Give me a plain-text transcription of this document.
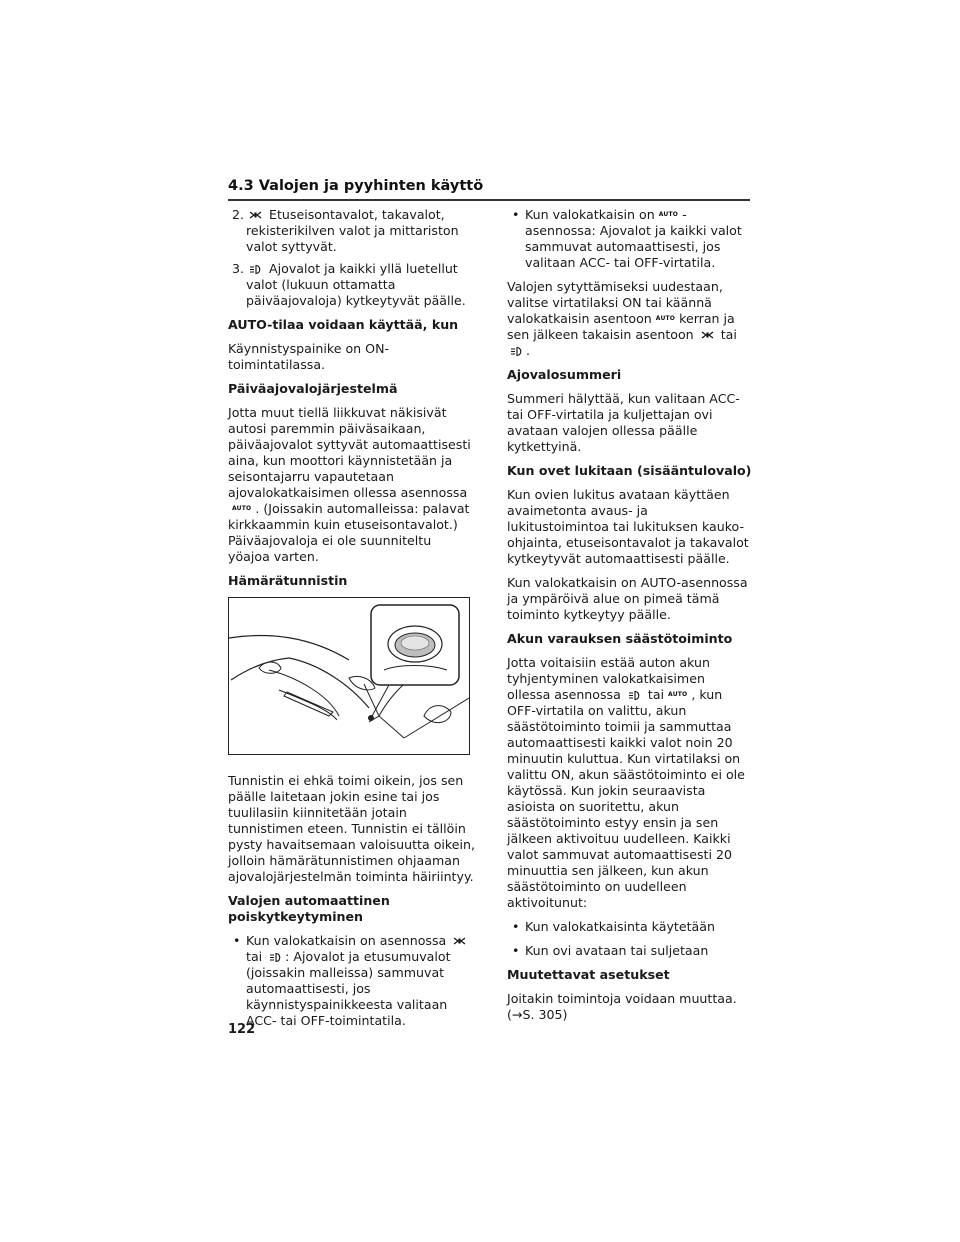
4.3 Valojen ja pyyhinten käyttö
2. Etuseisontavalot, takavalot, rekisterikilven valot ja mittariston valot syttyvät.
3. Ajovalot ja kaikki yllä luetellut valot (lukuun ottamatta päiväajovaloja) kytkeytyvät päälle.

AUTO-tilaa voidaan käyttää, kun

Käynnistyspainike on ON-toimintatilassa.

Päiväajovalojärjestelmä

Jotta muut tiellä liikkuvat näkisivät autosi paremmin päiväsaikaan, päiväajovalot syttyvät automaattisesti aina, kun moottori käynnistetään ja seisontajarru vapautetaan ajovalokatkaisimen ollessa asennossaAUTO . (Joissakin automalleissa: palavat kirkkaammin kuin etuseisontavalot.) Päiväajovaloja ei ole suunniteltu yöajoa varten.

Hämärätunnistin

Tunnistin ei ehkä toimi oikein, jos sen päälle laitetaan jokin esine tai jos tuulilasiin kiinnitetään jotain tunnistimen eteen. Tunnistin ei tällöin pysty havaitsemaan valoisuutta oikein, jolloin hämärätunnistimen ohjaaman ajovalojärjestelmän toiminta häiriintyy.

Valojen automaattinen poiskytkeytyminen

• Kun valokatkaisin on asennossa  tai : Ajovalot ja etusumuvalot (joissakin malleissa) sammuvat automaattisesti, jos käynnistyspainikkeesta valitaan ACC- tai OFF-toimintatila.
• Kun valokatkaisin on AUTO -asennossa: Ajovalot ja kaikki valot sammuvat automaattisesti, jos valitaan ACC- tai OFF-virtatila.

Valojen sytyttämiseksi uudestaan, valitse virtatilaksi ON tai käännä valokatkaisin asentoon AUTO kerran ja sen jälkeen takaisin asentoon tai .

Ajovalosummeri

Summeri hälyttää, kun valitaan ACC- tai OFF-virtatila ja kuljettajan ovi avataan valojen ollessa päälle kytkettyinä.

Kun ovet lukitaan (sisääntulovalo)

Kun ovien lukitus avataan käyttäen avaimetonta avaus- ja lukitustoimintoa tai lukituksen kauko-ohjainta, etuseisontavalot ja takavalot kytkeytyvät automaattisesti päälle.

Kun valokatkaisin on AUTO-asennossa ja ympäröivä alue on pimeä tämä toiminto kytkeytyy päälle.

Akun varauksen säästötoiminto

Jotta voitaisiin estää auton akun tyhjentyminen valokatkaisimen ollessa asennossa tai AUTO , kun OFF-virtatila on valittu, akun säästötoiminto toimii ja sammuttaa automaattisesti kaikki valot noin 20 minuutin kuluttua. Kun virtatilaksi on valittu ON, akun säästötoiminto ei ole käytössä. Kun jokin seuraavista asioista on suoritettu, akun säästötoiminto estyy ensin ja sen jälkeen aktivoituu uudelleen. Kaikki valot sammuvat automaattisesti 20 minuuttia sen jälkeen, kun akun säästötoiminto on uudelleen aktivoitunut:

• Kun valokatkaisinta käytetään
• Kun ovi avataan tai suljetaan

Muutettavat asetukset

Joitakin toimintoja voidaan muuttaa. (→S. 305)

122
